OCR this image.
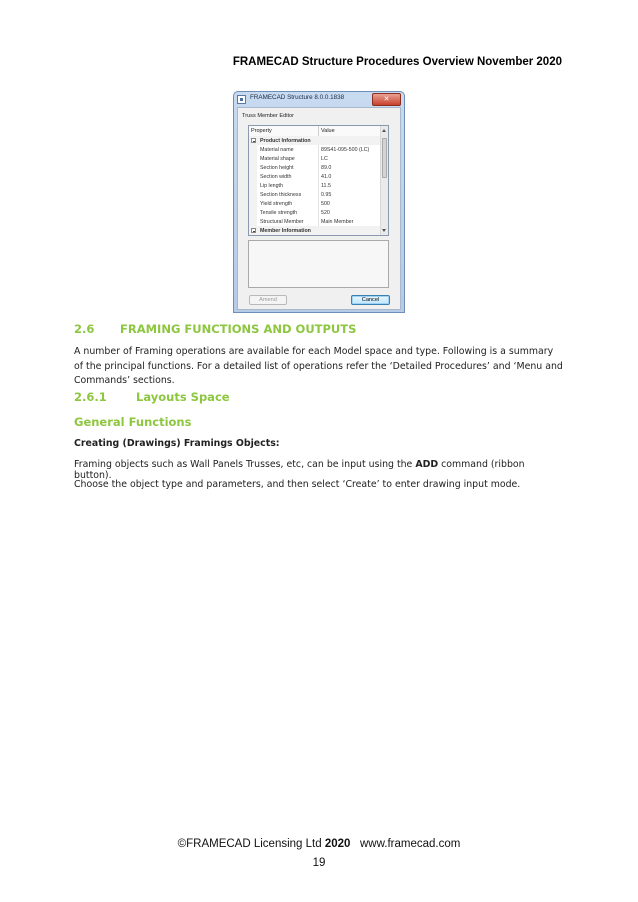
FRAMECAD Structure Procedures Overview November 2020
FRAMECAD Structure 8.0.0.1838	✕
Truss Member Editor
Property	Value
Product Information
Material name	89S41-095-500 (LC)
Material shape	LC
Section height	89.0
Section width	41.0
Lip length	11.5
Section thickness	0.95
Yield strength	500
Tensile strength	520
Structural Member	Main Member
Member Information
Amend	Cancel
2.6 FRAMING FUNCTIONS AND OUTPUTS
A number of Framing operations are available for each Model space and type. Following is a summary of the principal functions. For a detailed list of operations refer the ‘Detailed Procedures’ and ‘Menu and Commands’ sections.
2.6.1	Layouts Space
General Functions
Creating (Drawings) Framings Objects:
Framing objects such as Wall Panels Trusses, etc, can be input using the ADD command (ribbon button).
Choose the object type and parameters, and then select ‘Create’ to enter drawing input mode.
©FRAMECAD Licensing Ltd 2020   www.framecad.com
19
